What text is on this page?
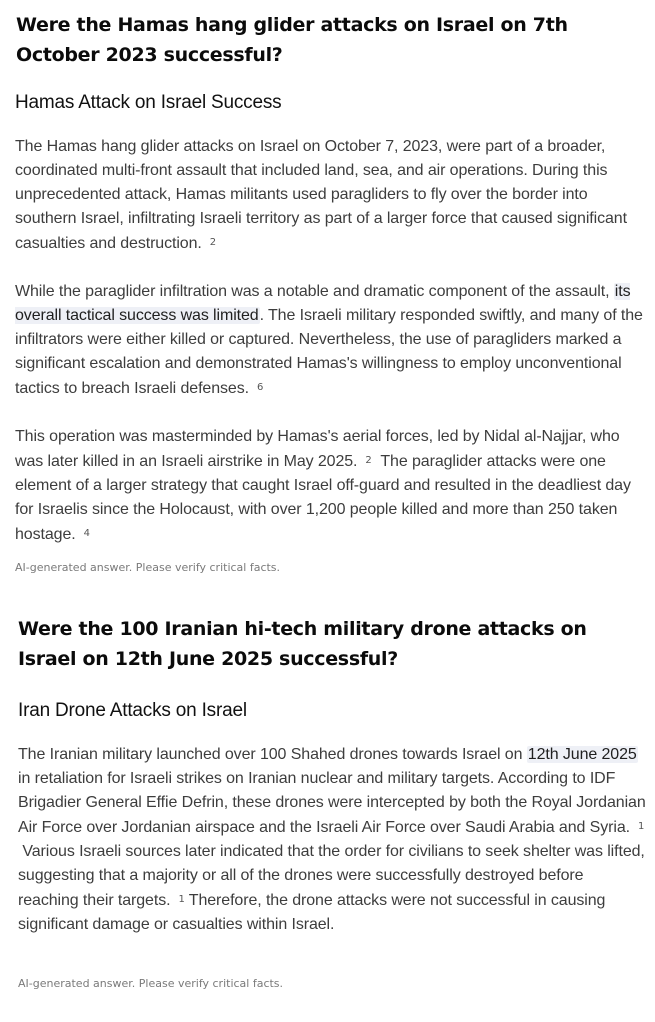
Were the Hamas hang glider attacks on Israel on 7th October 2023 successful?
Hamas Attack on Israel Success

The Hamas hang glider attacks on Israel on October 7, 2023, were part of a broader, coordinated multi-front assault that included land, sea, and air operations. During this unprecedented attack, Hamas militants used paragliders to fly over the border into southern Israel, infiltrating Israeli territory as part of a larger force that caused significant casualties and destruction. 2

While the paraglider infiltration was a notable and dramatic component of the assault, its overall tactical success was limited. The Israeli military responded swiftly, and many of the infiltrators were either killed or captured. Nevertheless, the use of paragliders marked a significant escalation and demonstrated Hamas's willingness to employ unconventional tactics to breach Israeli defenses. 6

This operation was masterminded by Hamas's aerial forces, led by Nidal al-Najjar, who was later killed in an Israeli airstrike in May 2025. 2 The paraglider attacks were one element of a larger strategy that caught Israel off-guard and resulted in the deadliest day for Israelis since the Holocaust, with over 1,200 people killed and more than 250 taken hostage. 4

AI-generated answer. Please verify critical facts.

Were the 100 Iranian hi-tech military drone attacks on Israel on 12th June 2025 successful?
Iran Drone Attacks on Israel

The Iranian military launched over 100 Shahed drones towards Israel on 12th June 2025 in retaliation for Israeli strikes on Iranian nuclear and military targets. According to IDF Brigadier General Effie Defrin, these drones were intercepted by both the Royal Jordanian Air Force over Jordanian airspace and the Israeli Air Force over Saudi Arabia and Syria. 1  Various Israeli sources later indicated that the order for civilians to seek shelter was lifted, suggesting that a majority or all of the drones were successfully destroyed before reaching their targets. 1 Therefore, the drone attacks were not successful in causing significant damage or casualties within Israel.

AI-generated answer. Please verify critical facts.
